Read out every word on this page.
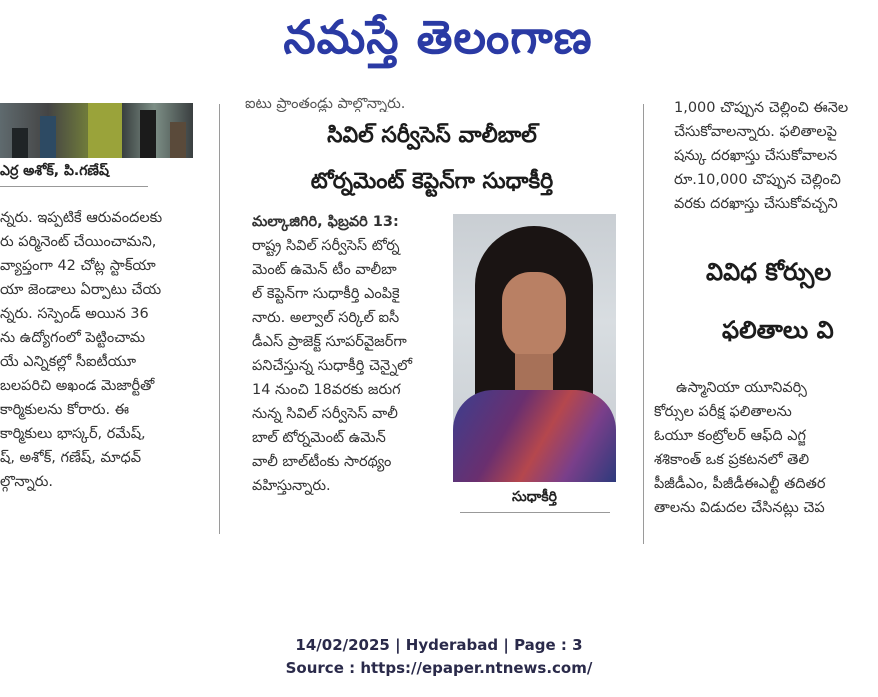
నమస్తే తెలంగాణ
ఎర్ర అశోక్‌, పి.గణేష్‌
న్నరు. ఇప్పటికే ఆరువందలకు
రు పర్మినెంట్‌ చేయించామని,
వ్యాప్తంగా 42 చోట్ల స్టాక్‌యా
యా జెండాలు ఏర్పాటు చేయ
న్నరు. సస్పెండ్‌ అయిన 36
ను ఉద్యోగంలో పెట్టించామ
యే ఎన్నికల్లో సీఐటీయూ
బలపరిచి అఖండ మెజార్టీతో
కార్మికులను కోరారు. ఈ
కార్మికులు భాస్కర్‌, రమేష్‌,
ష్‌, అశోక్‌, గణేష్‌, మాధవ్‌
ల్గొన్నారు.
ఐటు ప్రాంతండ్లు పాల్గొన్నారు.
సివిల్‌ సర్వీసెస్‌ వాలీబాల్‌
టోర్నమెంట్‌ కెప్టెన్‌గా సుధాకీర్తి
మల్కాజిగిరి, ఫిబ్రవరి 13:
రాష్ట్ర సివిల్‌ సర్వీసెస్‌ టోర్న
మెంట్‌ ఉమెన్‌ టీం వాలీబా
ల్‌ కెప్టెన్‌గా సుధాకీర్తి ఎంపికై
నారు. అల్వాల్‌ సర్కిల్‌ ఐసీ
డీఎస్‌ ప్రాజెక్ట్‌ సూపర్‌వైజర్‌గా
పనిచేస్తున్న సుధాకీర్తి చెన్నైలో
14 నుంచి 18వరకు జరుగ
నున్న సివిల్‌ సర్వీసెస్‌ వాలీ
బాల్‌ టోర్నమెంట్‌ ఉమెన్‌
వాలీ బాల్‌టీంకు సారథ్యం
వహిస్తున్నారు.
సుధాకీర్తి
1,000 చొప్పున చెల్లించి ఈనెల
చేసుకోవాలన్నారు. ఫలితాలపై
షన్కు దరఖాస్తు చేసుకోవాలన
రూ.10,000 చొప్పున చెల్లించి
వరకు దరఖాస్తు చేసుకోవచ్చని
వివిధ కోర్సుల
ఫలితాలు వి
ఉస్మానియా యూనివర్సి
కోర్సుల పరీక్ష ఫలితాలను
ఓయూ కంట్రోలర్‌ ఆఫ్‌ది ఎగ్జ
శశికాంత్‌ ఒక ప్రకటనలో తెలి
పీజీడీఎం, పీజీడీఈఎల్టీ తదితర
తాలను విడుదల చేసినట్లు చెప
14/02/2025 | Hyderabad | Page : 3
Source : https://epaper.ntnews.com/
